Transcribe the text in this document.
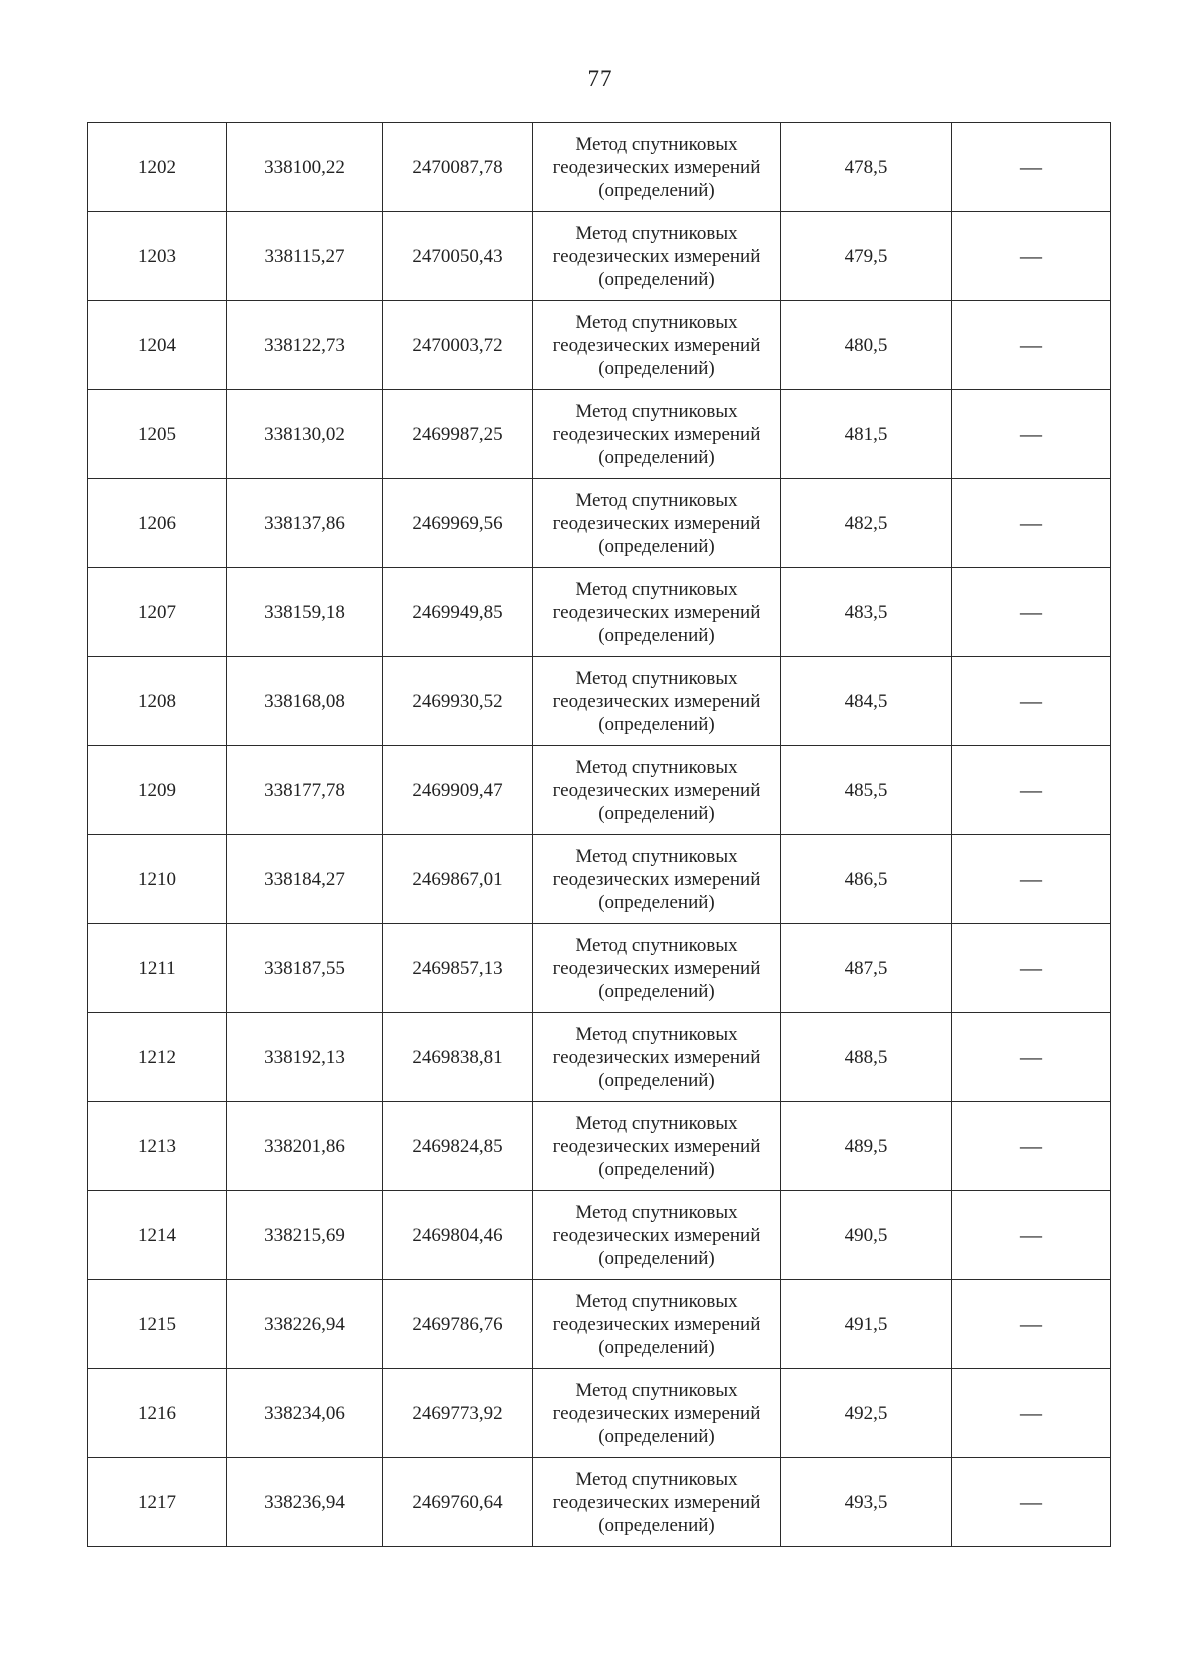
77
1202	338100,22	2470087,78	Метод спутниковых
геодезических измерений
(определений)	478,5	—
1203	338115,27	2470050,43	Метод спутниковых
геодезических измерений
(определений)	479,5	—
1204	338122,73	2470003,72	Метод спутниковых
геодезических измерений
(определений)	480,5	—
1205	338130,02	2469987,25	Метод спутниковых
геодезических измерений
(определений)	481,5	—
1206	338137,86	2469969,56	Метод спутниковых
геодезических измерений
(определений)	482,5	—
1207	338159,18	2469949,85	Метод спутниковых
геодезических измерений
(определений)	483,5	—
1208	338168,08	2469930,52	Метод спутниковых
геодезических измерений
(определений)	484,5	—
1209	338177,78	2469909,47	Метод спутниковых
геодезических измерений
(определений)	485,5	—
1210	338184,27	2469867,01	Метод спутниковых
геодезических измерений
(определений)	486,5	—
1211	338187,55	2469857,13	Метод спутниковых
геодезических измерений
(определений)	487,5	—
1212	338192,13	2469838,81	Метод спутниковых
геодезических измерений
(определений)	488,5	—
1213	338201,86	2469824,85	Метод спутниковых
геодезических измерений
(определений)	489,5	—
1214	338215,69	2469804,46	Метод спутниковых
геодезических измерений
(определений)	490,5	—
1215	338226,94	2469786,76	Метод спутниковых
геодезических измерений
(определений)	491,5	—
1216	338234,06	2469773,92	Метод спутниковых
геодезических измерений
(определений)	492,5	—
1217	338236,94	2469760,64	Метод спутниковых
геодезических измерений
(определений)	493,5	—
